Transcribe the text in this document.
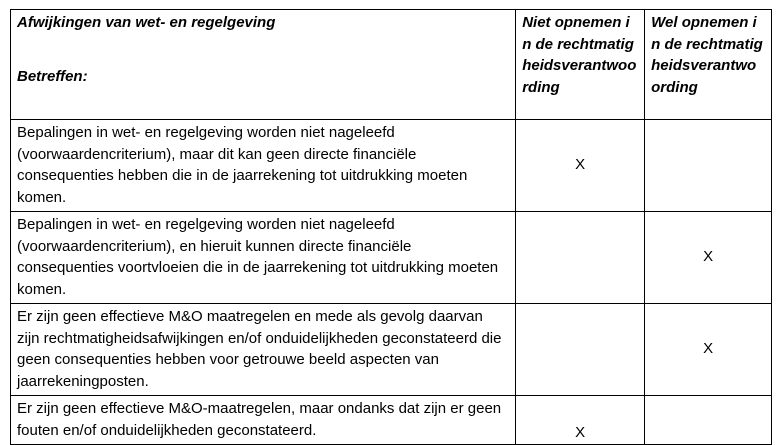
Afwijkingen van wet- en regelgeving
Betreffen:	Niet opnemen in de rechtmatigheidsverantwoording	Wel opnemen in de rechtmatigheidsverantwoording
Bepalingen in wet- en regelgeving worden niet nageleefd (voorwaardencriterium), maar dit kan geen directe financiële consequenties hebben die in de jaarrekening tot uitdrukking moeten komen.	X	
Bepalingen in wet- en regelgeving worden niet nageleefd (voorwaardencriterium), en hieruit kunnen directe financiële consequenties voortvloeien die in de jaarrekening tot uitdrukking moeten komen.		X
Er zijn geen effectieve M&O maatregelen en mede als gevolg daarvan zijn rechtmatigheidsafwijkingen en/of onduidelijkheden geconstateerd die geen consequenties hebben voor getrouwe beeld aspecten van jaarrekeningposten.		X
Er zijn geen effectieve M&O-maatregelen, maar ondanks dat zijn er geen fouten en/of onduidelijkheden geconstateerd.	X	
